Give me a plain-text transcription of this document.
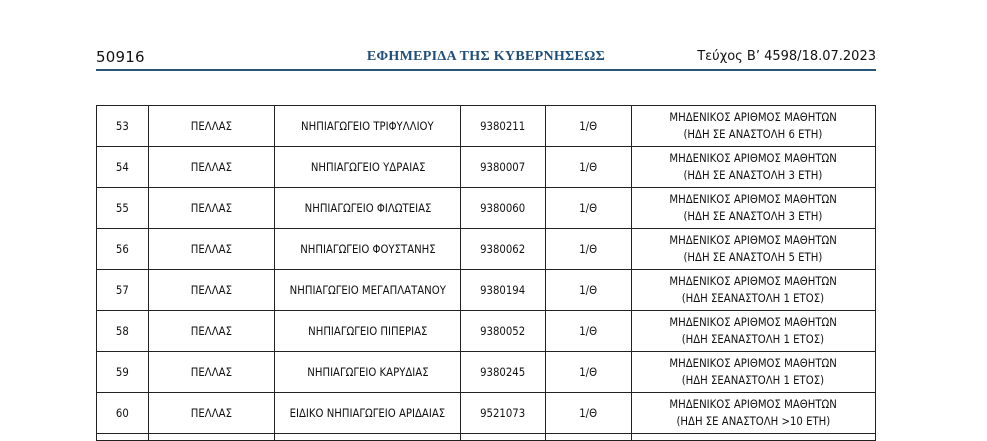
50916	ΕΦΗΜΕΡΙΔΑ ΤΗΣ ΚΥΒΕΡΝΗΣΕΩΣ	Τεύχος Β’ 4598/18.07.2023
53	ΠΕΛΛΑΣ	ΝΗΠΙΑΓΩΓΕΙΟ ΤΡΙΦΥΛΛΙΟΥ	9380211	1/Θ	ΜΗΔΕΝΙΚΟΣ ΑΡΙΘΜΟΣ ΜΑΘΗΤΩΝ
(ΗΔΗ ΣΕ ΑΝΑΣΤΟΛΗ 6 ΕΤΗ)
54	ΠΕΛΛΑΣ	ΝΗΠΙΑΓΩΓΕΙΟ ΥΔΡΑΙΑΣ	9380007	1/Θ	ΜΗΔΕΝΙΚΟΣ ΑΡΙΘΜΟΣ ΜΑΘΗΤΩΝ
(ΗΔΗ ΣΕ ΑΝΑΣΤΟΛΗ 3 ΕΤΗ)
55	ΠΕΛΛΑΣ	ΝΗΠΙΑΓΩΓΕΙΟ ΦΙΛΩΤΕΙΑΣ	9380060	1/Θ	ΜΗΔΕΝΙΚΟΣ ΑΡΙΘΜΟΣ ΜΑΘΗΤΩΝ
(ΗΔΗ ΣΕ ΑΝΑΣΤΟΛΗ 3 ΕΤΗ)
56	ΠΕΛΛΑΣ	ΝΗΠΙΑΓΩΓΕΙΟ ΦΟΥΣΤΑΝΗΣ	9380062	1/Θ	ΜΗΔΕΝΙΚΟΣ ΑΡΙΘΜΟΣ ΜΑΘΗΤΩΝ
(ΗΔΗ ΣΕ ΑΝΑΣΤΟΛΗ 5 ΕΤΗ)
57	ΠΕΛΛΑΣ	ΝΗΠΙΑΓΩΓΕΙΟ ΜΕΓΑΠΛΑΤΑΝΟΥ	9380194	1/Θ	ΜΗΔΕΝΙΚΟΣ ΑΡΙΘΜΟΣ ΜΑΘΗΤΩΝ
(ΗΔΗ ΣΕΑΝΑΣΤΟΛΗ 1 ΕΤΟΣ)
58	ΠΕΛΛΑΣ	ΝΗΠΙΑΓΩΓΕΙΟ ΠΙΠΕΡΙΑΣ	9380052	1/Θ	ΜΗΔΕΝΙΚΟΣ ΑΡΙΘΜΟΣ ΜΑΘΗΤΩΝ
(ΗΔΗ ΣΕΑΝΑΣΤΟΛΗ 1 ΕΤΟΣ)
59	ΠΕΛΛΑΣ	ΝΗΠΙΑΓΩΓΕΙΟ ΚΑΡΥΔΙΑΣ	9380245	1/Θ	ΜΗΔΕΝΙΚΟΣ ΑΡΙΘΜΟΣ ΜΑΘΗΤΩΝ
(ΗΔΗ ΣΕΑΝΑΣΤΟΛΗ 1 ΕΤΟΣ)
60	ΠΕΛΛΑΣ	ΕΙΔΙΚΟ ΝΗΠΙΑΓΩΓΕΙΟ ΑΡΙΔΑΙΑΣ	9521073	1/Θ	ΜΗΔΕΝΙΚΟΣ ΑΡΙΘΜΟΣ ΜΑΘΗΤΩΝ
(ΗΔΗ ΣΕ ΑΝΑΣΤΟΛΗ >10 ΕΤΗ)
